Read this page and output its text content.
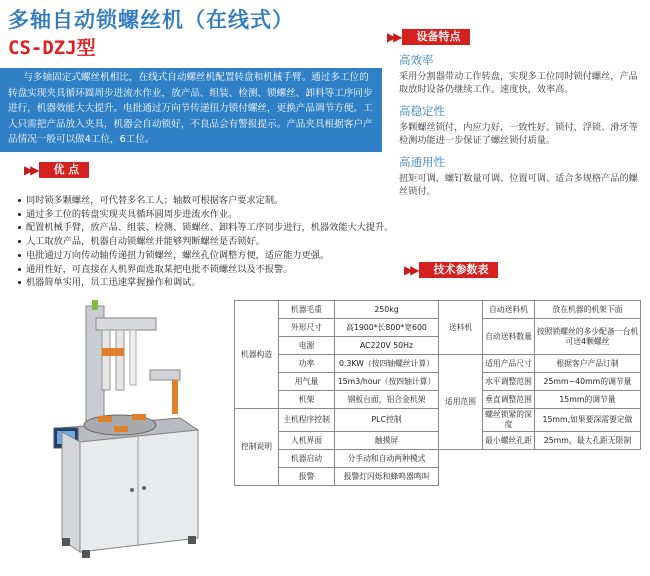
多轴自动锁螺丝机（在线式）
CS-DZJ型	▶▶	设备特点

与多轴固定式螺丝机相比，在线式自动螺丝机配置转盘和机械手臂。通过多工位的转盘实现夹具循环圆周步进流水作业，放产品、组装、检测、锁螺丝、卸料等工序同步进行，机器效能大大提升。电批通过万向节传递扭力锁付螺丝，更换产品调节方便。工人只需把产品放入夹具，机器会自动锁好，不良品会有警报提示。产品夹具根据客户产品情况一般可以做4工位，6工位。

高效率
采用分割器带动工作转盘，实现多工位同时锁付螺丝，产品取放时设备仍继续工作。速度快，效率高。
高稳定性
多颗螺丝锁付，内应力好，一致性好。锁付、浮锁、滑牙等检测功能进一步保证了螺丝锁付质量。
高通用性
扭矩可调，螺钉数量可调、位置可调、适合多规格产品的螺丝锁付。
▶▶	优 点
同时锁多颗螺丝，可代替多名工人；轴数可根据客户要求定制。
通过多工位的转盘实现夹具循环圆周步进流水作业。
配置机械手臂，放产品、组装、检测、锁螺丝、卸料等工序同步进行，机器效能大大提升。
人工取放产品，机器自动锁螺丝并能够判断螺丝是否锁好。
电批通过万向传动轴传递扭力锁螺丝，螺丝孔位调整方便，适应能力更强。
通用性好，可直接在人机界面选取某把电批不锁螺丝以及不报警。
机器简单实用，员工迅速掌握操作和调试。
▶▶	技术参数表
机器构造	机器毛重	250kg	送料机	自动送料机	放在机器的机架下面
	外形尺寸	高1900*长800*宽600		自动送料数量	按照锁螺丝的多少配备一台机可送4颗螺丝
	电源	AC220V 50Hz			
	功率	0.3KW（按四轴螺丝计算）	适用范围	适用产品尺寸	根据客户产品订制
	用气量	15m3/hour（按四轴计算）		水平调整范围	25mm~40mm的调节量
	机架	钢板台面，铝合金机架		垂直调整范围	15mm的调节量
控制说明	主机程序控制	PLC控制		螺丝锁紧的深度	15mm,如果要深需要定做
	人机界面	触摸屏		最小螺丝孔距	25mm，最大孔距无限制
	机器启动	分手动和自动两种模式			
	报警	报警灯闪烁和蜂鸣器鸣叫			
